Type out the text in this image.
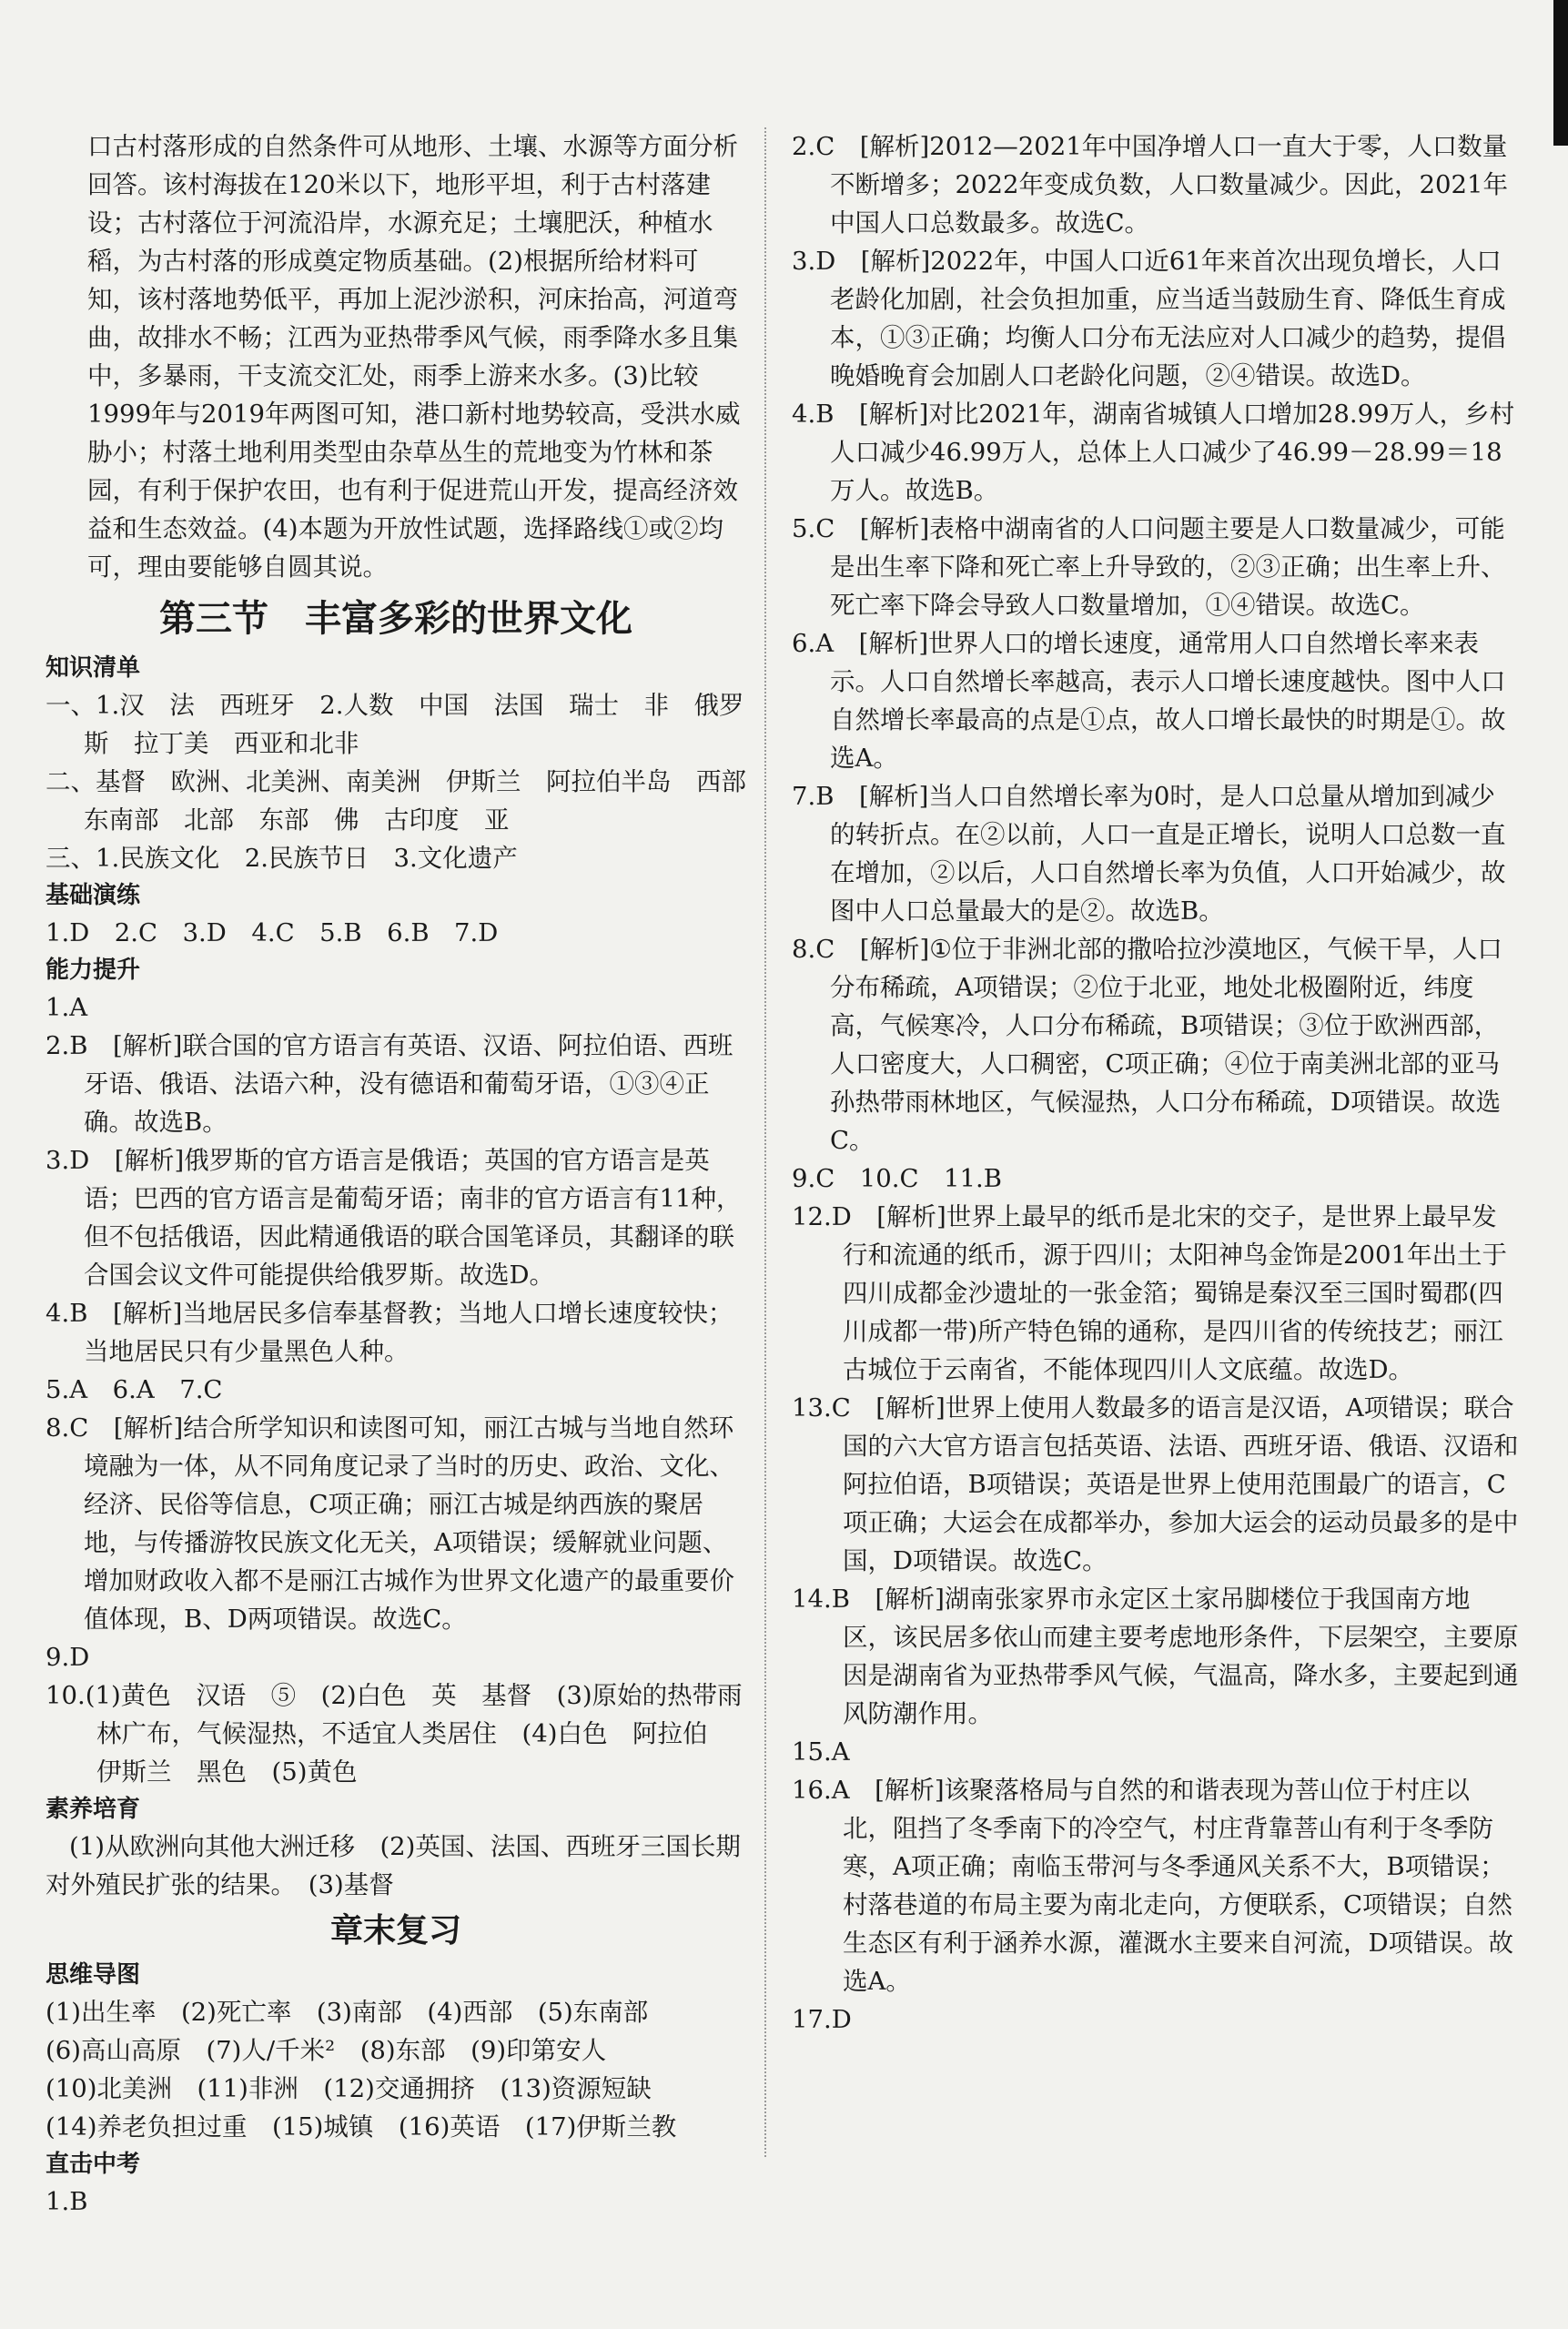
口古村落形成的自然条件可从地形、土壤、水源等方面分析回答。该村海拔在120米以下，地形平坦，利于古村落建设；古村落位于河流沿岸，水源充足；土壤肥沃，种植水稻，为古村落的形成奠定物质基础。(2)根据所给材料可知，该村落地势低平，再加上泥沙淤积，河床抬高，河道弯曲，故排水不畅；江西为亚热带季风气候，雨季降水多且集中，多暴雨，干支流交汇处，雨季上游来水多。(3)比较1999年与2019年两图可知，港口新村地势较高，受洪水威胁小；村落土地利用类型由杂草丛生的荒地变为竹林和茶园，有利于保护农田，也有利于促进荒山开发，提高经济效益和生态效益。(4)本题为开放性试题，选择路线①或②均可，理由要能够自圆其说。

第三节　丰富多彩的世界文化
知识清单

一、1.汉　法　西班牙　2.人数　中国　法国　瑞士　非　俄罗斯　拉丁美　西亚和北非

二、基督　欧洲、北美洲、南美洲　伊斯兰　阿拉伯半岛　西部　东南部　北部　东部　佛　古印度　亚

三、1.民族文化　2.民族节日　3.文化遗产

基础演练

1.D　2.C　3.D　4.C　5.B　6.B　7.D

能力提升

1.A

2.B　[解析]联合国的官方语言有英语、汉语、阿拉伯语、西班牙语、俄语、法语六种，没有德语和葡萄牙语，①③④正确。故选B。

3.D　[解析]俄罗斯的官方语言是俄语；英国的官方语言是英语；巴西的官方语言是葡萄牙语；南非的官方语言有11种，但不包括俄语，因此精通俄语的联合国笔译员，其翻译的联合国会议文件可能提供给俄罗斯。故选D。

4.B　[解析]当地居民多信奉基督教；当地人口增长速度较快；当地居民只有少量黑色人种。

5.A　6.A　7.C

8.C　[解析]结合所学知识和读图可知，丽江古城与当地自然环境融为一体，从不同角度记录了当时的历史、政治、文化、经济、民俗等信息，C项正确；丽江古城是纳西族的聚居地，与传播游牧民族文化无关，A项错误；缓解就业问题、增加财政收入都不是丽江古城作为世界文化遗产的最重要价值体现，B、D两项错误。故选C。

9.D

10.(1)黄色　汉语　⑤　(2)白色　英　基督　(3)原始的热带雨林广布，气候湿热，不适宜人类居住　(4)白色　阿拉伯　伊斯兰　黑色　(5)黄色

素养培育

(1)从欧洲向其他大洲迁移　(2)英国、法国、西班牙三国长期对外殖民扩张的结果。　(3)基督

章末复习
思维导图

(1)出生率　(2)死亡率　(3)南部　(4)西部　(5)东南部

(6)高山高原　(7)人/千米²　(8)东部　(9)印第安人

(10)北美洲　(11)非洲　(12)交通拥挤　(13)资源短缺

(14)养老负担过重　(15)城镇　(16)英语　(17)伊斯兰教

直击中考

1.B

2.C　[解析]2012—2021年中国净增人口一直大于零，人口数量不断增多；2022年变成负数，人口数量减少。因此，2021年中国人口总数最多。故选C。

3.D　[解析]2022年，中国人口近61年来首次出现负增长，人口老龄化加剧，社会负担加重，应当适当鼓励生育、降低生育成本，①③正确；均衡人口分布无法应对人口减少的趋势，提倡晚婚晚育会加剧人口老龄化问题，②④错误。故选D。

4.B　[解析]对比2021年，湖南省城镇人口增加28.99万人，乡村人口减少46.99万人，总体上人口减少了46.99－28.99＝18万人。故选B。

5.C　[解析]表格中湖南省的人口问题主要是人口数量减少，可能是出生率下降和死亡率上升导致的，②③正确；出生率上升、死亡率下降会导致人口数量增加，①④错误。故选C。

6.A　[解析]世界人口的增长速度，通常用人口自然增长率来表示。人口自然增长率越高，表示人口增长速度越快。图中人口自然增长率最高的点是①点，故人口增长最快的时期是①。故选A。

7.B　[解析]当人口自然增长率为0时，是人口总量从增加到减少的转折点。在②以前，人口一直是正增长，说明人口总数一直在增加，②以后，人口自然增长率为负值，人口开始减少，故图中人口总量最大的是②。故选B。

8.C　[解析]①位于非洲北部的撒哈拉沙漠地区，气候干旱，人口分布稀疏，A项错误；②位于北亚，地处北极圈附近，纬度高，气候寒冷，人口分布稀疏，B项错误；③位于欧洲西部，人口密度大，人口稠密，C项正确；④位于南美洲北部的亚马孙热带雨林地区，气候湿热，人口分布稀疏，D项错误。故选C。

9.C　10.C　11.B

12.D　[解析]世界上最早的纸币是北宋的交子，是世界上最早发行和流通的纸币，源于四川；太阳神鸟金饰是2001年出土于四川成都金沙遗址的一张金箔；蜀锦是秦汉至三国时蜀郡(四川成都一带)所产特色锦的通称，是四川省的传统技艺；丽江古城位于云南省，不能体现四川人文底蕴。故选D。

13.C　[解析]世界上使用人数最多的语言是汉语，A项错误；联合国的六大官方语言包括英语、法语、西班牙语、俄语、汉语和阿拉伯语，B项错误；英语是世界上使用范围最广的语言，C项正确；大运会在成都举办，参加大运会的运动员最多的是中国，D项错误。故选C。

14.B　[解析]湖南张家界市永定区土家吊脚楼位于我国南方地区，该民居多依山而建主要考虑地形条件，下层架空，主要原因是湖南省为亚热带季风气候，气温高，降水多，主要起到通风防潮作用。

15.A

16.A　[解析]该聚落格局与自然的和谐表现为菩山位于村庄以北，阻挡了冬季南下的冷空气，村庄背靠菩山有利于冬季防寒，A项正确；南临玉带河与冬季通风关系不大，B项错误；村落巷道的布局主要为南北走向，方便联系，C项错误；自然生态区有利于涵养水源，灌溉水主要来自河流，D项错误。故选A。

17.D
